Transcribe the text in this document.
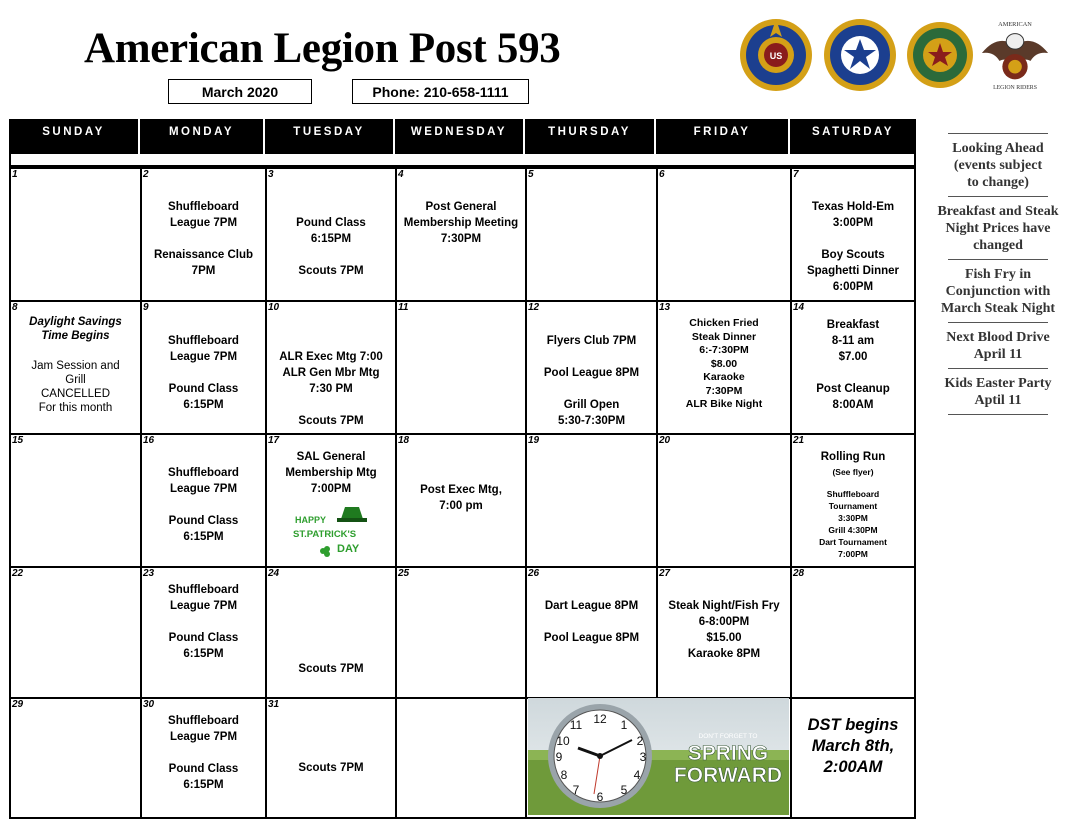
American Legion Post 593
March 2020	Phone: 210-658-1111
US
AMERICAN
LEGION RIDERS
SUNDAY	MONDAY	TUESDAY	WEDNESDAY	THURSDAY	FRIDAY	SATURDAY
1	2
Shuffleboard
League 7PM

Renaissance Club
7PM
3
Pound Class
6:15PM

Scouts 7PM
4
Post General
Membership Meeting
7:30PM
5	6	7
Texas Hold-Em
3:00PM

Boy Scouts
Spaghetti Dinner
6:00PM
8
Daylight Savings
Time Begins
Jam Session and
Grill
CANCELLED
For this month
9
Shuffleboard
League 7PM

Pound Class
6:15PM
10
ALR Exec Mtg 7:00
ALR Gen Mbr Mtg
7:30 PM

Scouts 7PM
11	12
Flyers Club 7PM

Pool League 8PM

Grill Open
5:30-7:30PM
13
Chicken Fried
Steak Dinner
6:-7:30PM
$8.00
Karaoke
7:30PM
ALR Bike Night
14
Breakfast
8-11 am
$7.00

Post Cleanup
8:00AM
15	16
Shuffleboard
League 7PM

Pound Class
6:15PM
17
SAL General
Membership Mtg
7:00PM
HAPPY
ST.PATRICK'S
DAY
18
Post Exec Mtg,
7:00 pm
19	20	21
Rolling Run
(See flyer)
Shuffleboard
Tournament
3:30PM
Grill 4:30PM
Dart Tournament
7:00PM
22	23
Shuffleboard
League 7PM

Pound Class
6:15PM
24
Scouts 7PM
25	26
Dart League 8PM

Pool League 8PM
27
Steak Night/Fish Fry
6-8:00PM
$15.00
Karaoke 8PM
28
29	30
Shuffleboard
League 7PM

Pound Class
6:15PM
31
Scouts 7PM
DST begins
March 8th,
2:00AM
12 1
2
3
4
5
6
7
8
9
10
11
DON'T FORGET TO
SPRING
FORWARD
Looking Ahead
(events subject
to change)
Breakfast and Steak
Night Prices have
changed
Fish Fry in
Conjunction with
March Steak Night
Next Blood Drive
April 11
Kids Easter Party
Aptil 11
